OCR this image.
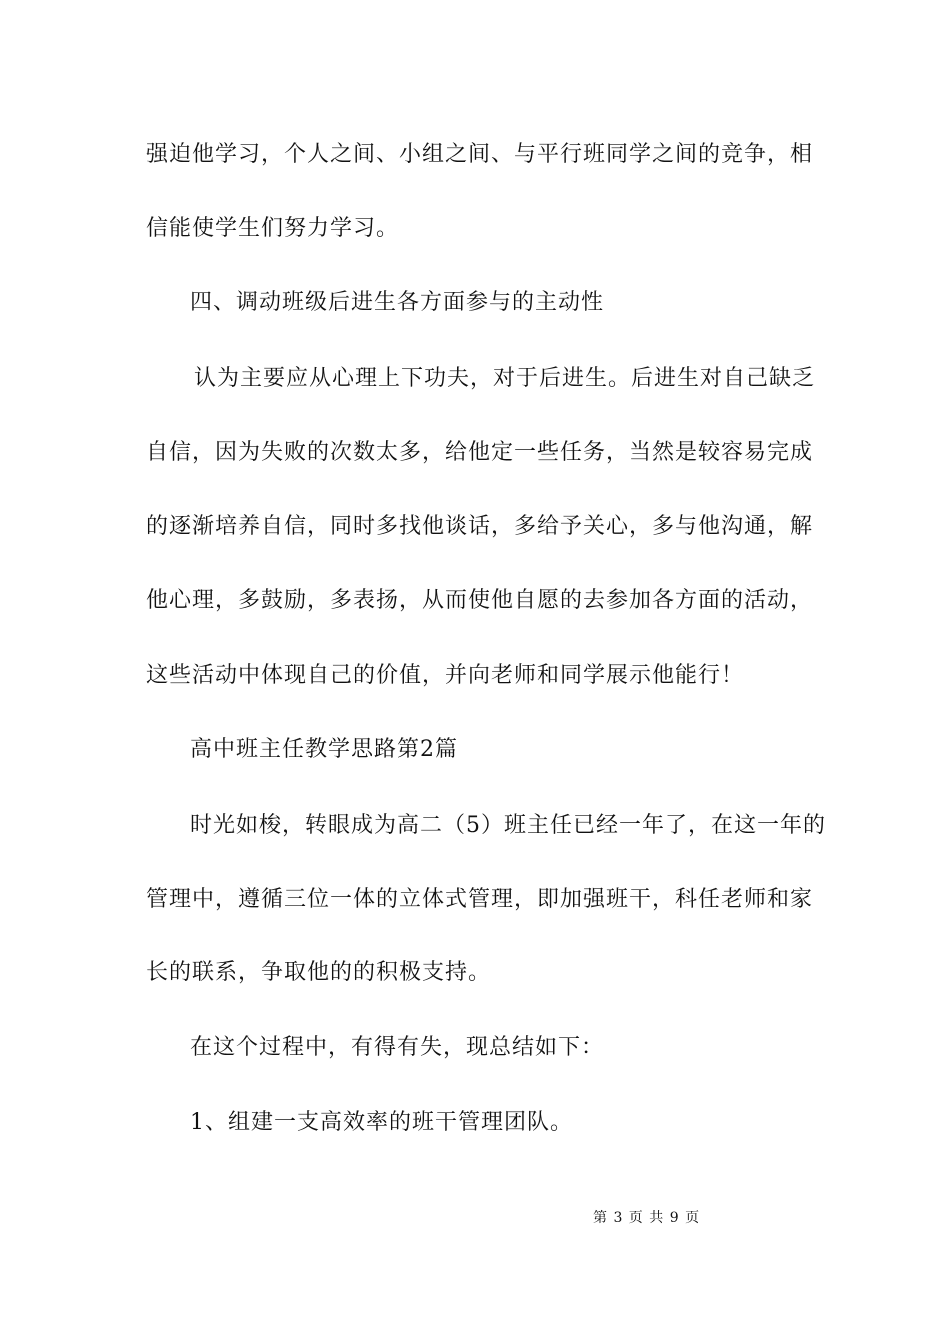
强迫他学习，个人之间、小组之间、与平行班同学之间的竞争，相
信能使学生们努力学习。
四、调动班级后进生各方面参与的主动性
认为主要应从心理上下功夫，对于后进生。后进生对自己缺乏
自信，因为失败的次数太多，给他定一些任务，当然是较容易完成
的逐渐培养自信，同时多找他谈话，多给予关心，多与他沟通，解
他心理，多鼓励，多表扬，从而使他自愿的去参加各方面的活动，
这些活动中体现自己的价值，并向老师和同学展示他能行！
高中班主任教学思路第2篇
时光如梭，转眼成为高二（5）班主任已经一年了，在这一年的
管理中，遵循三位一体的立体式管理，即加强班干，科任老师和家
长的联系，争取他的的积极支持。
在这个过程中，有得有失，现总结如下：
1、组建一支高效率的班干管理团队。
第 3 页 共 9 页
